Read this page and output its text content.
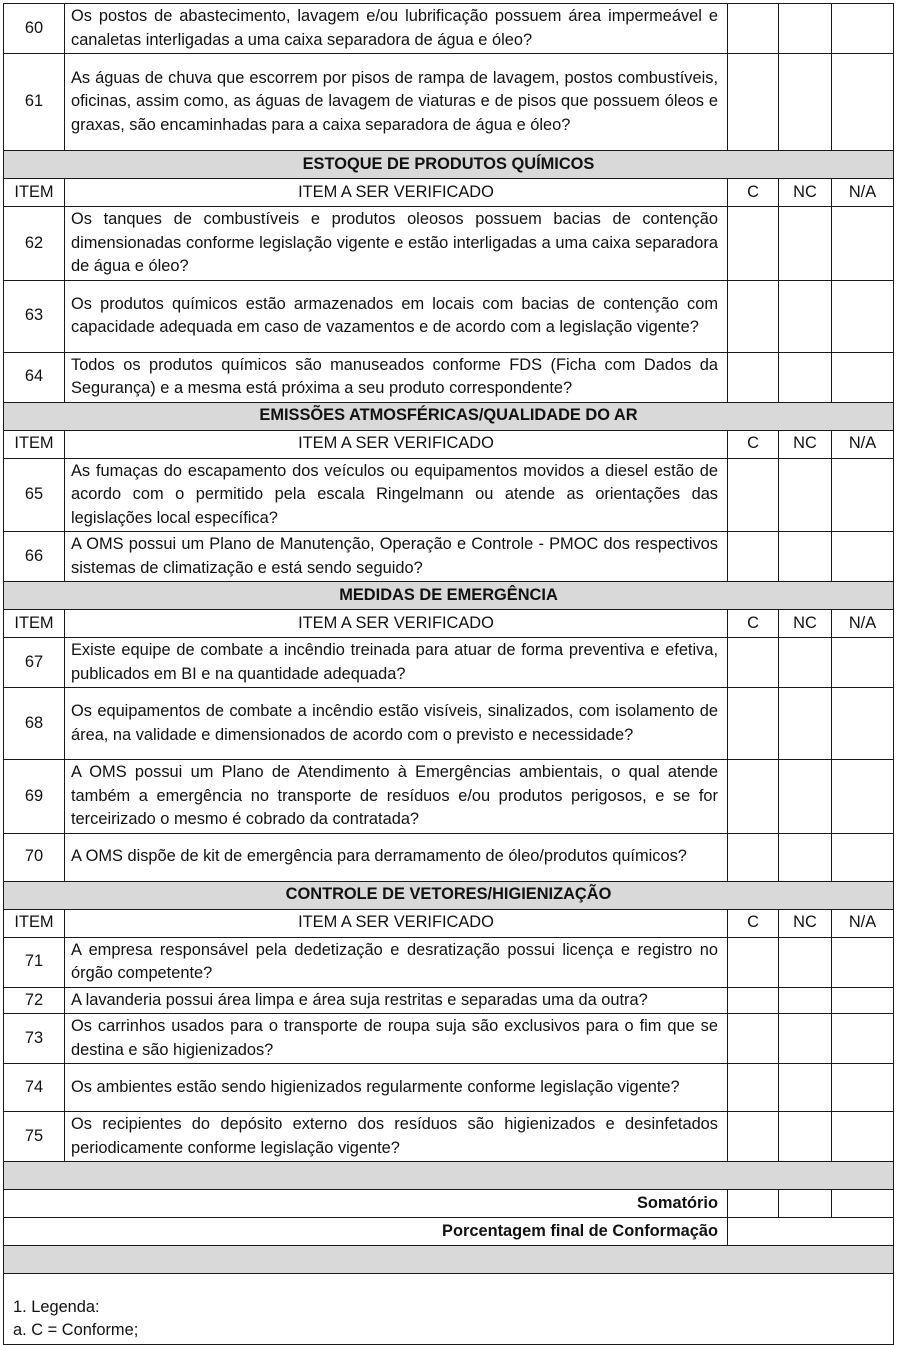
60	Os postos de abastecimento, lavagem e/ou lubrificação possuem área impermeável e canaletas interligadas a uma caixa separadora de água e óleo?			
61	As águas de chuva que escorrem por pisos de rampa de lavagem, postos combustíveis, oficinas, assim como, as águas de lavagem de viaturas e de pisos que possuem óleos e graxas, são encaminhadas para a caixa separadora de água e óleo?			
ESTOQUE DE PRODUTOS QUÍMICOS				
ITEM	ITEM A SER VERIFICADO	C	NC	N/A
62	Os tanques de combustíveis e produtos oleosos possuem bacias de contenção dimensionadas conforme legislação vigente e estão interligadas a uma caixa separadora de água e óleo?			
63	Os produtos químicos estão armazenados em locais com bacias de contenção com capacidade adequada em caso de vazamentos e de acordo com a legislação vigente?			
64	Todos os produtos químicos são manuseados conforme FDS (Ficha com Dados da Segurança) e a mesma está próxima a seu produto correspondente?			
EMISSÕES ATMOSFÉRICAS/QUALIDADE DO AR				
ITEM	ITEM A SER VERIFICADO	C	NC	N/A
65	As fumaças do escapamento dos veículos ou equipamentos movidos a diesel estão de acordo com o permitido pela escala Ringelmann ou atende as orientações das legislações local específica?			
66	A OMS possui um Plano de Manutenção, Operação e Controle - PMOC dos respectivos sistemas de climatização e está sendo seguido?			
MEDIDAS DE EMERGÊNCIA				
ITEM	ITEM A SER VERIFICADO	C	NC	N/A
67	Existe equipe de combate a incêndio treinada para atuar de forma preventiva e efetiva, publicados em BI e na quantidade adequada?			
68	Os equipamentos de combate a incêndio estão visíveis, sinalizados, com isolamento de área, na validade e dimensionados de acordo com o previsto e necessidade?			
69	A OMS possui um Plano de Atendimento à Emergências ambientais, o qual atende também a emergência no transporte de resíduos e/ou produtos perigosos, e se for terceirizado o mesmo é cobrado da contratada?			
70	A OMS dispõe de kit de emergência para derramamento de óleo/produtos químicos?			
CONTROLE DE VETORES/HIGIENIZAÇÃO				
ITEM	ITEM A SER VERIFICADO	C	NC	N/A
71	A empresa responsável pela dedetização e desratização possui licença e registro no órgão competente?			
72	A lavanderia possui área limpa e área suja restritas e separadas uma da outra?			
73	Os carrinhos usados para o transporte de roupa suja são exclusivos para o fim que se destina e são higienizados?			
74	Os ambientes estão sendo higienizados regularmente conforme legislação vigente?			
75	Os recipientes do depósito externo dos resíduos são higienizados e desinfetados periodicamente conforme legislação vigente?			

Somatório				
Porcentagem final de Conformação				

1. Legenda:
a. C = Conforme;				
